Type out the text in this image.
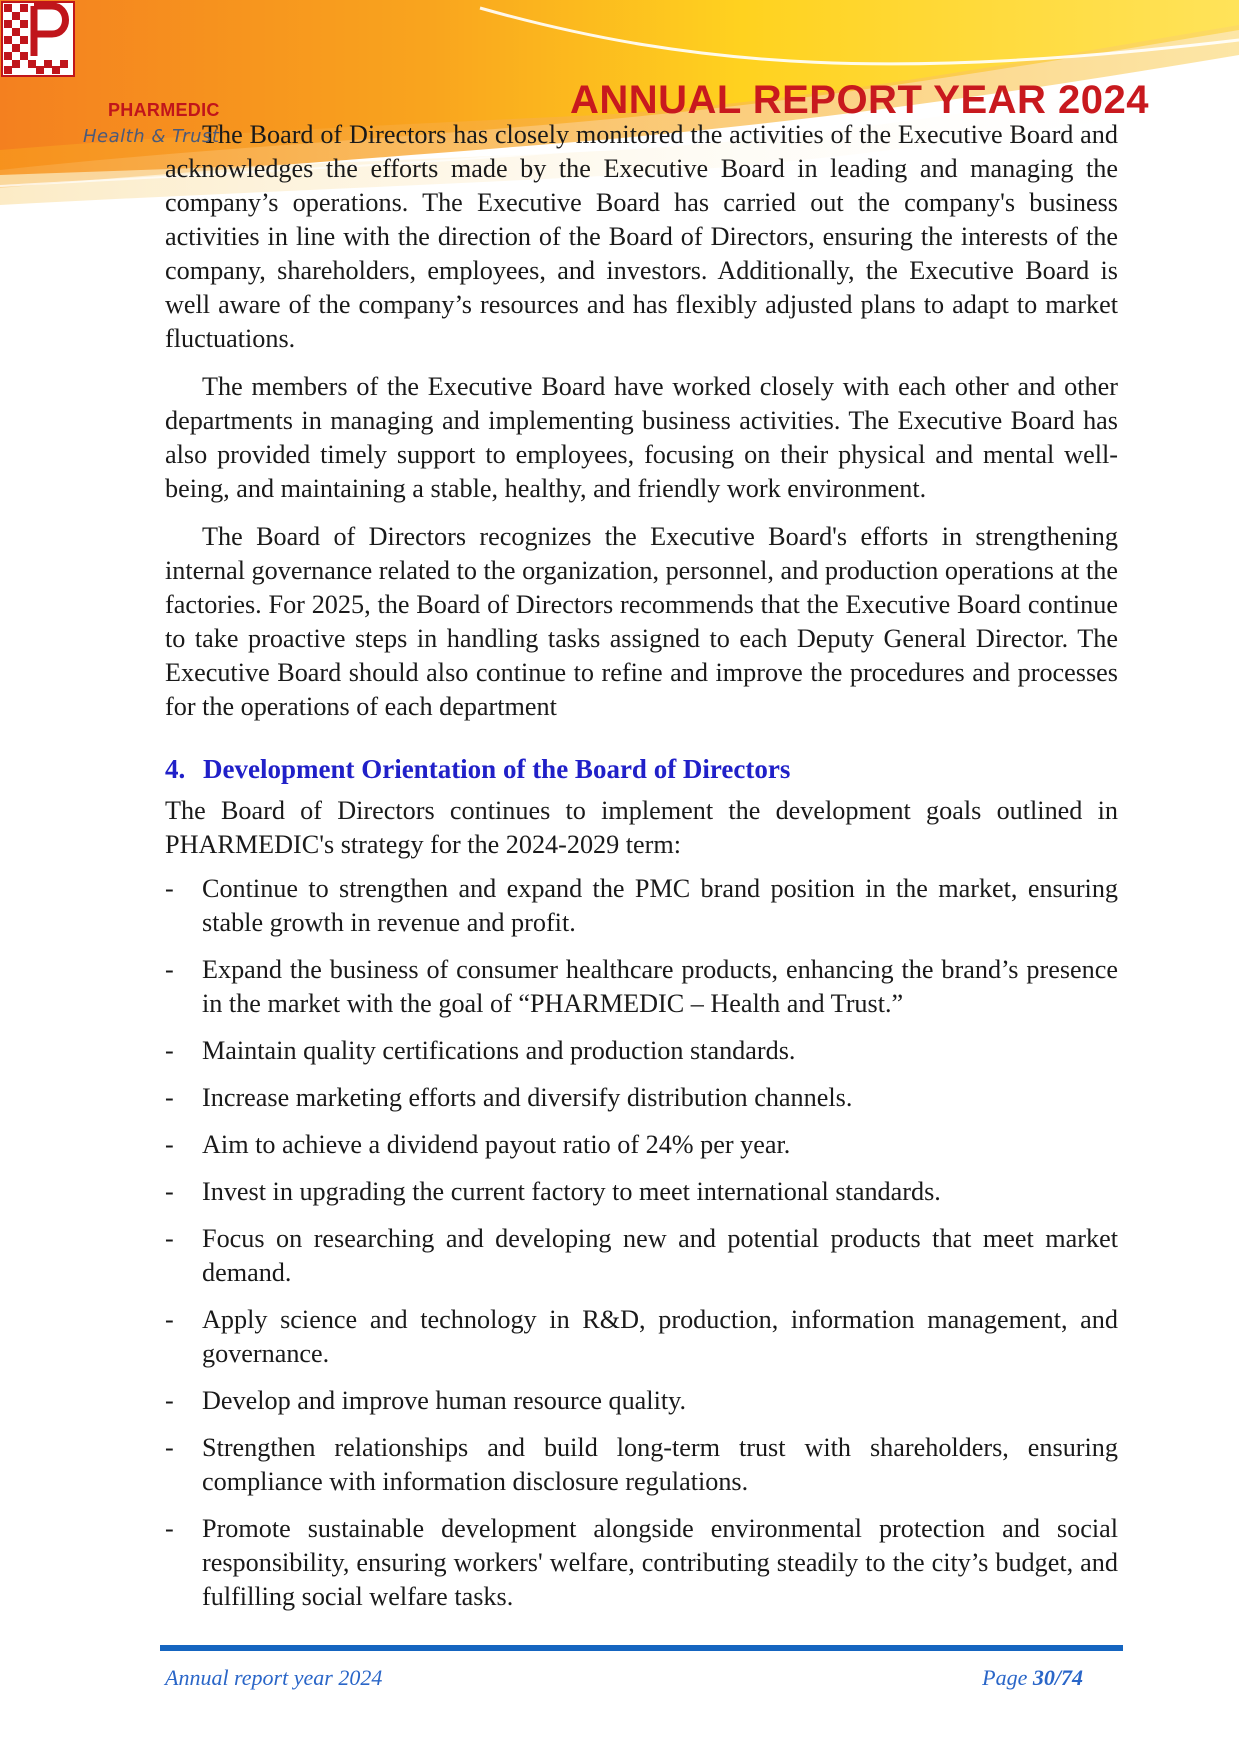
PHARMEDIC	ANNUAL REPORT YEAR 2024

The Board of Directors has closely monitored the activities of the Executive Board and acknowledges the efforts made by the Executive Board in leading and managing the company’s operations. The Executive Board has carried out the company's business activities in line with the direction of the Board of Directors, ensuring the interests of the company, shareholders, employees, and investors. Additionally, the Executive Board is well aware of the company’s resources and has flexibly adjusted plans to adapt to market fluctuations.

The members of the Executive Board have worked closely with each other and other departments in managing and implementing business activities. The Executive Board has also provided timely support to employees, focusing on their physical and mental well-being, and maintaining a stable, healthy, and friendly work environment.

The Board of Directors recognizes the Executive Board's efforts in strengthening internal governance related to the organization, personnel, and production operations at the factories. For 2025, the Board of Directors recommends that the Executive Board continue to take proactive steps in handling tasks assigned to each Deputy General Director. The Executive Board should also continue to refine and improve the procedures and processes for the operations of each department

4. Development Orientation of the Board of Directors

The Board of Directors continues to implement the development goals outlined in PHARMEDIC's strategy for the 2024-2029 term:

- Continue to strengthen and expand the PMC brand position in the market, ensuring stable growth in revenue and profit.
- Expand the business of consumer healthcare products, enhancing the brand’s presence in the market with the goal of “PHARMEDIC – Health and Trust.”
- Maintain quality certifications and production standards.
- Increase marketing efforts and diversify distribution channels.
- Aim to achieve a dividend payout ratio of 24% per year.
- Invest in upgrading the current factory to meet international standards.
- Focus on researching and developing new and potential products that meet market demand.
- Apply science and technology in R&D, production, information management, and governance.
- Develop and improve human resource quality.
- Strengthen relationships and build long-term trust with shareholders, ensuring compliance with information disclosure regulations.
- Promote sustainable development alongside environmental protection and social responsibility, ensuring workers' welfare, contributing steadily to the city’s budget, and fulfilling social welfare tasks.
Health & Trust
Annual report year 2024	Page 30/74
